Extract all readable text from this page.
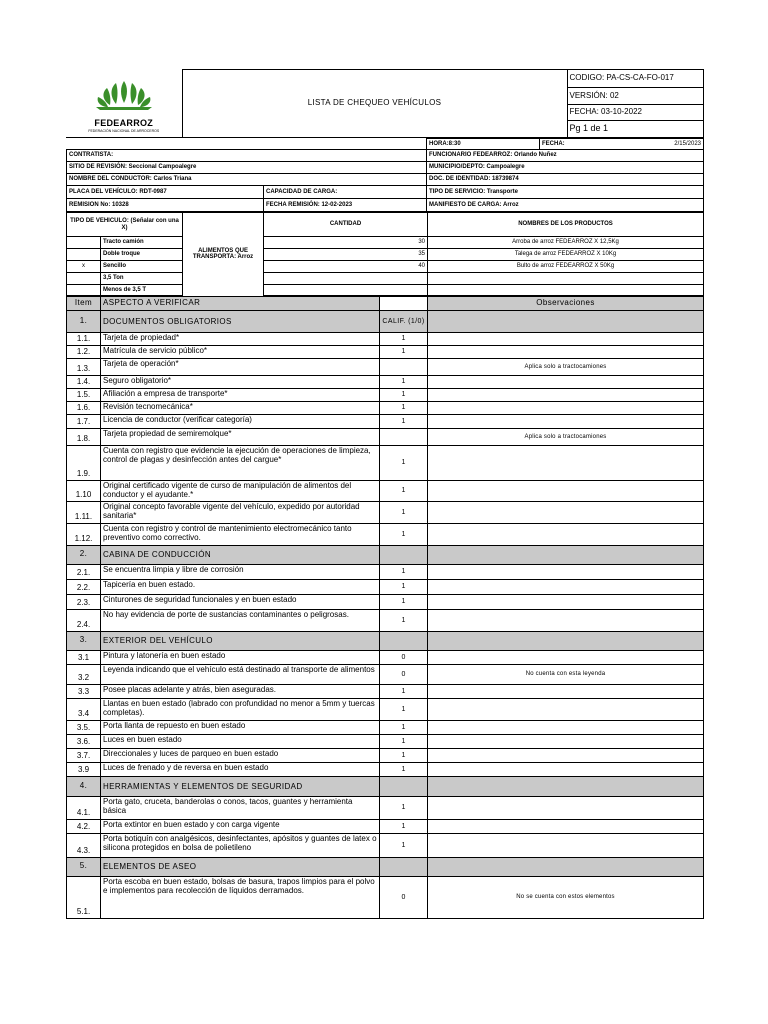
FEDEARROZ
FEDERACIÓN NACIONAL DE ARROCEROS
	LISTA DE CHEQUEO VEHÍCULOS	CODIGO: PA-CS-CA-FO-017
VERSIÓN: 02
FECHA: 03-10-2022
Pg 1 de 1
		HORA:8:30 FECHA: 2/15/2023

CONTRATISTA:		FUNCIONARIO FEDEARROZ: Orlando Nuñez
SITIO DE REVISIÓN: Seccional Campoalegre		MUNICIPIO/DEPTO: Campoalegre
NOMBRE DEL CONDUCTOR: Carlos Triana		DOC. DE IDENTIDAD: 18739874
PLACA DEL VEHÍCULO: RDT-0987	CAPACIDAD DE CARGA:	TIPO DE SERVICIO: Transporte
REMISION No: 10328	FECHA REMISIÓN: 12-02-2023	MANIFIESTO DE CARGA: Arroz
TIPO DE VEHICULO: (Señalar con una X)		ALIMENTOS QUE TRANSPORTA: Arroz	CANTIDAD	NOMBRES DE LOS PRODUCTOS
	Tracto camión		30	Arroba de arroz FEDEARROZ X 12,5Kg
	Doble troque		35	Talega de arroz FEDEARROZ X 10Kg
x	Sencillo		40	Bulto de arroz FEDEARROZ X 50Kg
	3,5 Ton			
	Menos de 3,5 T			
Item	ASPECTO A VERIFICAR		Observaciones
1.	DOCUMENTOS OBLIGATORIOS	CALIF. (1/0)	
1.1.	Tarjeta de propiedad*	1	
1.2.	Matrícula de servicio público*	1	
1.3.	Tarjeta de operación*		Aplica solo a tractocamiones
1.4.	Seguro obligatorio*	1	
1.5.	Afiliación a empresa de transporte*	1	
1.6.	Revisión tecnomecánica*	1	
1.7.	Licencia de conductor (verificar categoría)	1	
1.8.	Tarjeta propiedad de semiremolque*		Aplica solo a tractocamiones
1.9.	Cuenta con registro que evidencie la ejecución de operaciones de limpieza, control de plagas y desinfección antes del cargue*	1	
1.10	Original certificado vigente de curso de manipulación de alimentos del conductor y el ayudante.*	1	
1.11.	Original concepto favorable vigente del vehículo, expedido por autoridad sanitaria*	1	
1.12.	Cuenta con registro y control de mantenimiento electromecánico tanto preventivo como correctivo.	1	
2.	CABINA DE CONDUCCIÓN		
2.1.	Se encuentra limpia y libre de corrosión	1	
2.2.	Tapicería en buen estado.	1	
2.3.	Cinturones de seguridad funcionales y en buen estado	1	
2.4.	No hay evidencia de porte de sustancias contaminantes o peligrosas.	1	
3.	EXTERIOR DEL VEHÍCULO		
3.1	Pintura y latonería en buen estado	0	
3.2	Leyenda indicando que el vehículo está destinado al transporte de alimentos	0	No cuenta con esta leyenda
3.3	Posee placas adelante y atrás, bien aseguradas.	1	
3.4	Llantas en buen estado (labrado con profundidad no menor a 5mm y tuercas completas).	1	
3.5.	Porta llanta de repuesto en buen estado	1	
3.6.	Luces en buen estado	1	
3.7.	Direccionales y luces de parqueo en buen estado	1	
3.9	Luces de frenado y de reversa en buen estado	1	
4.	HERRAMIENTAS Y ELEMENTOS DE SEGURIDAD		
4.1.	Porta gato, cruceta, banderolas o conos, tacos, guantes y herramienta básica	1	
4.2.	Porta extintor en buen estado y con carga vigente	1	
4.3.	Porta botiquín con analgésicos, desinfectantes, apósitos y guantes de latex o silicona protegidos en bolsa de polietileno	1	
5.	ELEMENTOS DE ASEO		
5.1.	Porta escoba en buen estado, bolsas de basura, trapos limpios para el polvo e implementos para recolección de líquidos derramados.	0	No se cuenta con estos elementos
